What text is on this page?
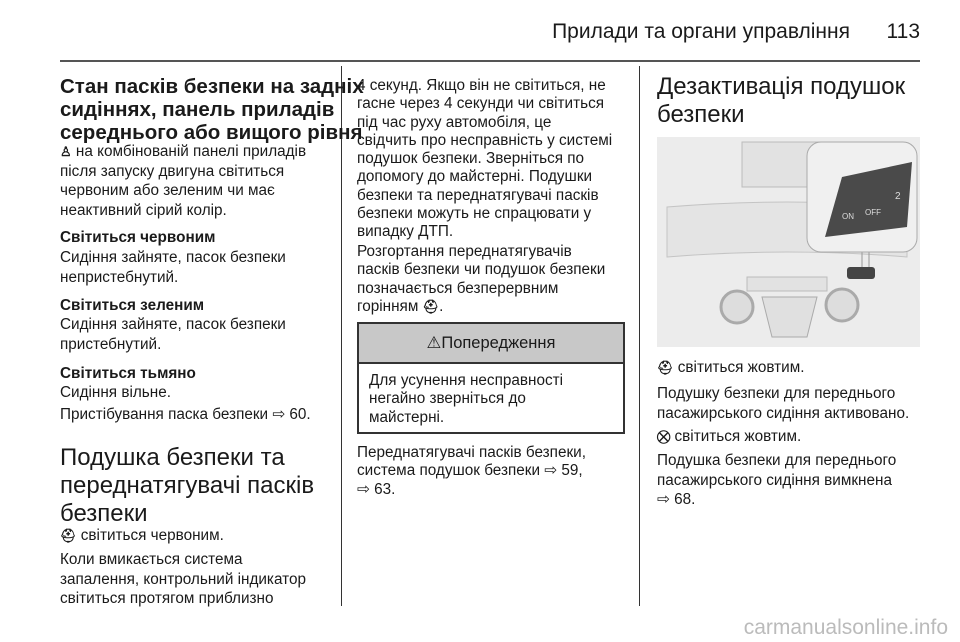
Прилади та органи управління 113
Стан пасків безпеки на задніх
сидіннях, панель приладів
середнього або вищого рівня
♙ на комбінованій панелі приладів
після запуску двигуна світиться
червоним або зеленим чи має
неактивний сірий колір.
Світиться червоним
Сидіння зайняте, пасок безпеки
непристебнутий.
Світиться зеленим
Сидіння зайняте, пасок безпеки
пристебнутий.
Світиться тьмяно
Сидіння вільне.
Пристібування паска безпеки ⇨ 60.
Подушка безпеки та
переднатягувачі пасків
безпеки
⛑ світиться червоним.
Коли вмикається система
запалення, контрольний індикатор
світиться протягом приблизно
4 секунд. Якщо він не світиться, не
гасне через 4 секунди чи світиться
під час руху автомобіля, це
свідчить про несправність у системі
подушок безпеки. Зверніться по
допомогу до майстерні. Подушки
безпеки та переднатягувачі пасків
безпеки можуть не спрацювати у
випадку ДТП.
Розгортання переднатягувачів
пасків безпеки чи подушок безпеки
позначається безперервним
горінням ⛑.
⚠Попередження
Для усунення несправності
негайно зверніться до
майстерні.
Переднатягувачі пасків безпеки,
система подушок безпеки ⇨ 59,
⇨ 63.
Дезактивація подушок
безпеки
ON OFF
2
⛑ світиться жовтим.
Подушку безпеки для переднього
пасажирського сидіння активовано.
⛒ світиться жовтим.
Подушка безпеки для переднього
пасажирського сидіння вимкнена
⇨ 68.
carmanualsonline.info
